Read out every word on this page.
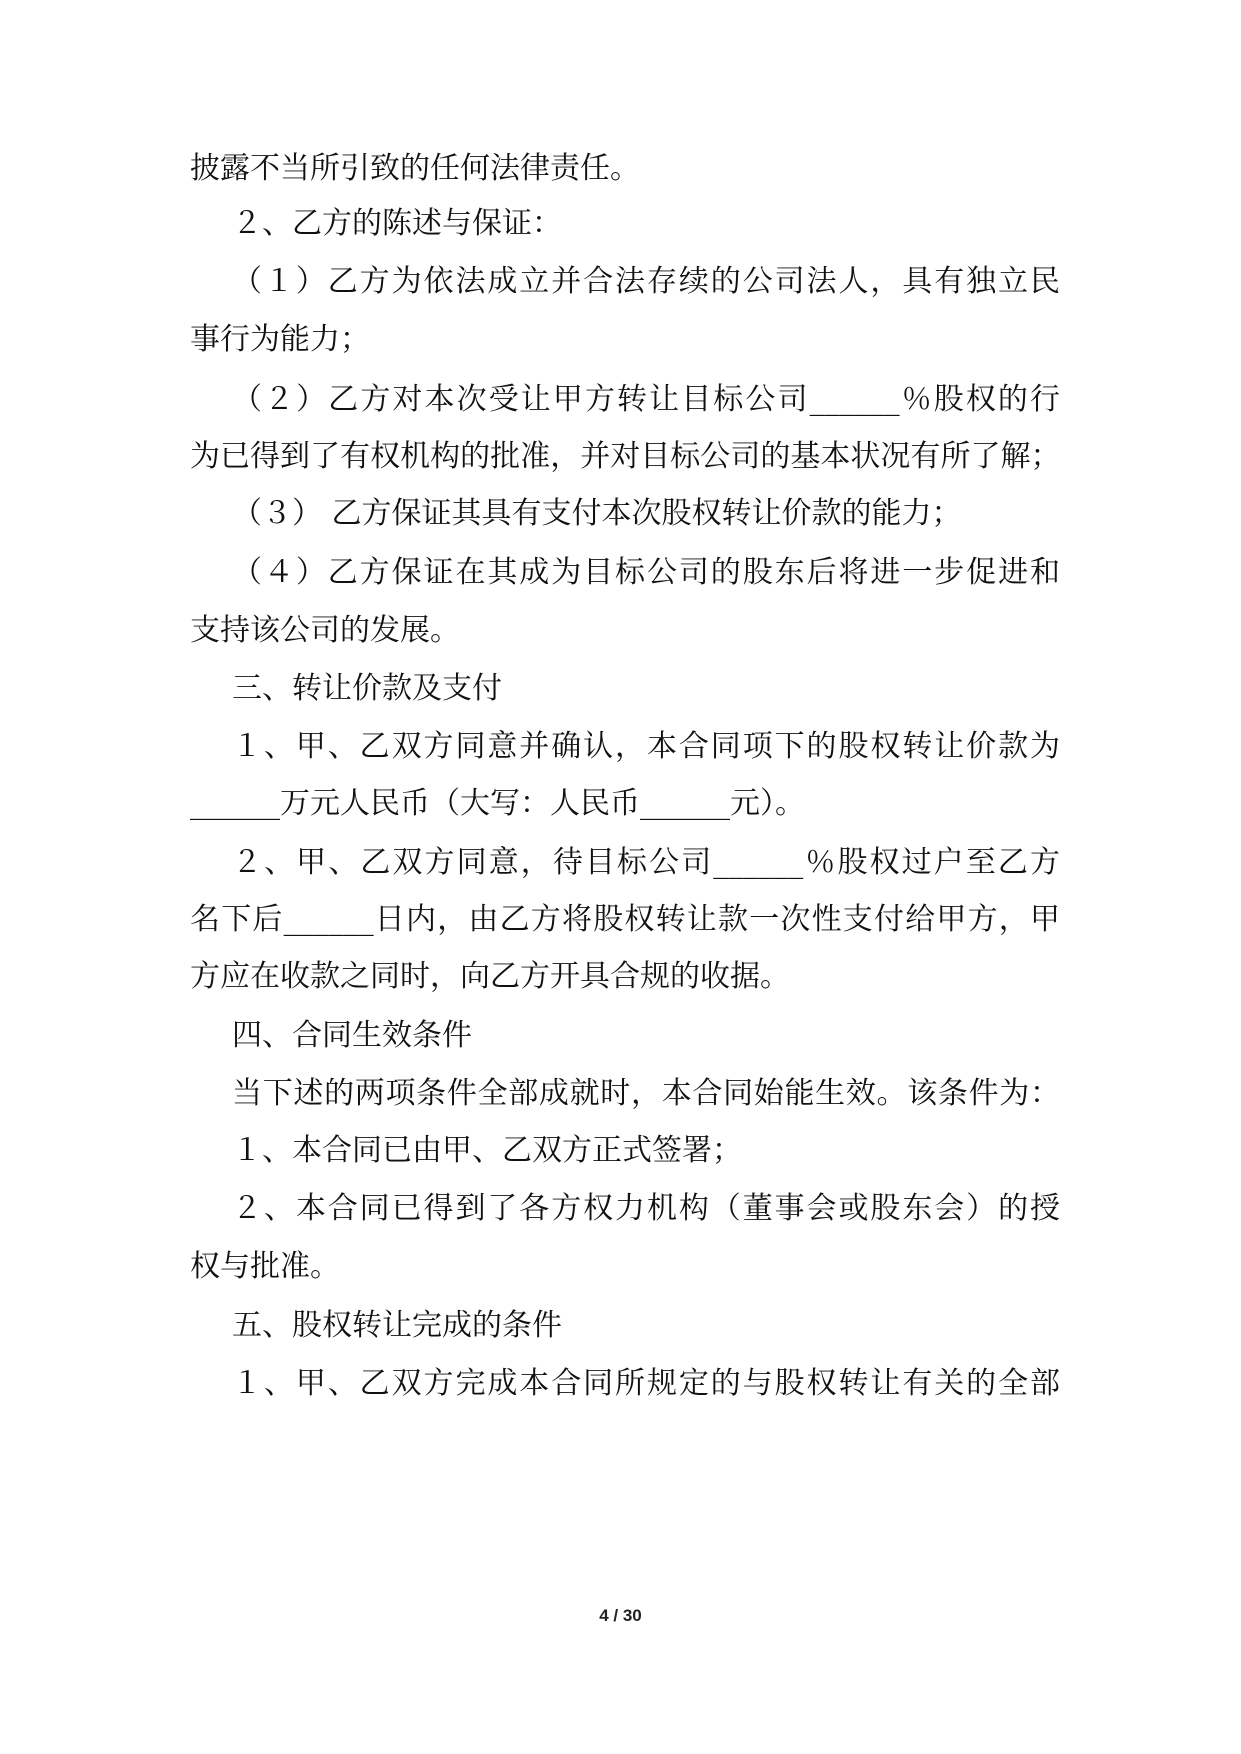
披露不当所引致的任何法律责任。
２、乙方的陈述与保证：
（１）乙方为依法成立并合法存续的公司法人，具有独立民
事行为能力；
（２）乙方对本次受让甲方转让目标公司______％股权的行
为已得到了有权机构的批准，并对目标公司的基本状况有所了解；
（３） 乙方保证其具有支付本次股权转让价款的能力；
（４）乙方保证在其成为目标公司的股东后将进一步促进和
支持该公司的发展。
三、转让价款及支付
１、甲、乙双方同意并确认，本合同项下的股权转让价款为
______万元人民币（大写：人民币______元）。
２、甲、乙双方同意，待目标公司______％股权过户至乙方
名下后______日内，由乙方将股权转让款一次性支付给甲方，甲
方应在收款之同时，向乙方开具合规的收据。
四、合同生效条件
当下述的两项条件全部成就时，本合同始能生效。该条件为：
１、本合同已由甲、乙双方正式签署；
２、本合同已得到了各方权力机构（董事会或股东会）的授
权与批准。
五、股权转让完成的条件
１、甲、乙双方完成本合同所规定的与股权转让有关的全部
4 / 30
